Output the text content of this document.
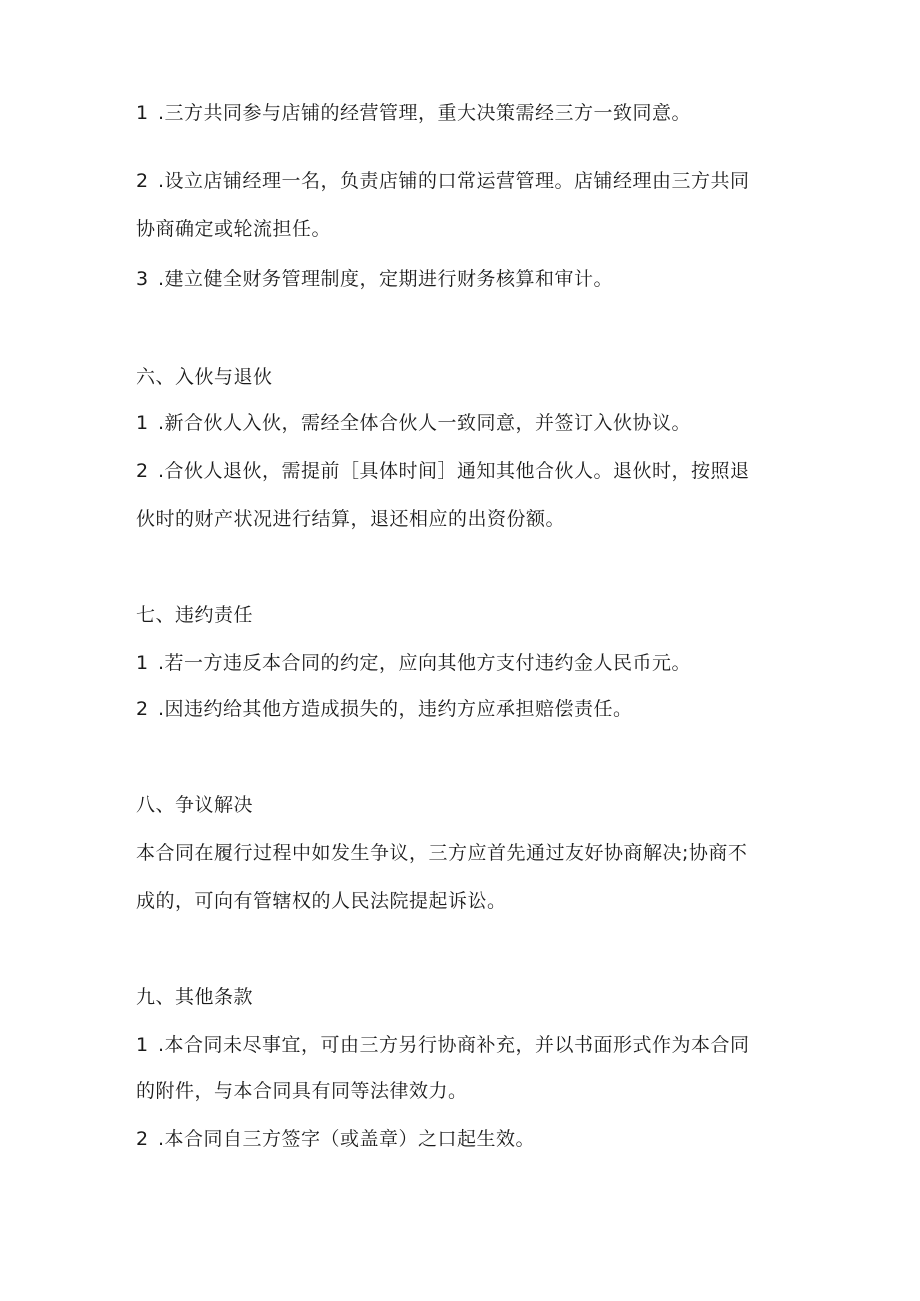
1 .三方共同参与店铺的经营管理，重大决策需经三方一致同意。
2 .设立店铺经理一名，负责店铺的口常运营管理。店铺经理由三方共同
协商确定或轮流担任。
3 .建立健全财务管理制度，定期进行财务核算和审计。
六、入伙与退伙
1 .新合伙人入伙，需经全体合伙人一致同意，并签订入伙协议。
2 .合伙人退伙，需提前［具体时间］通知其他合伙人。退伙时，按照退
伙时的财产状况进行结算，退还相应的出资份额。
七、违约责任
1 .若一方违反本合同的约定，应向其他方支付违约金人民币元。
2 .因违约给其他方造成损失的，违约方应承担赔偿责任。
八、争议解决
本合同在履行过程中如发生争议，三方应首先通过友好协商解决;协商不
成的，可向有管辖权的人民法院提起诉讼。
九、其他条款
1 .本合同未尽事宜，可由三方另行协商补充，并以书面形式作为本合同
的附件，与本合同具有同等法律效力。
2 .本合同自三方签字（或盖章）之口起生效。
